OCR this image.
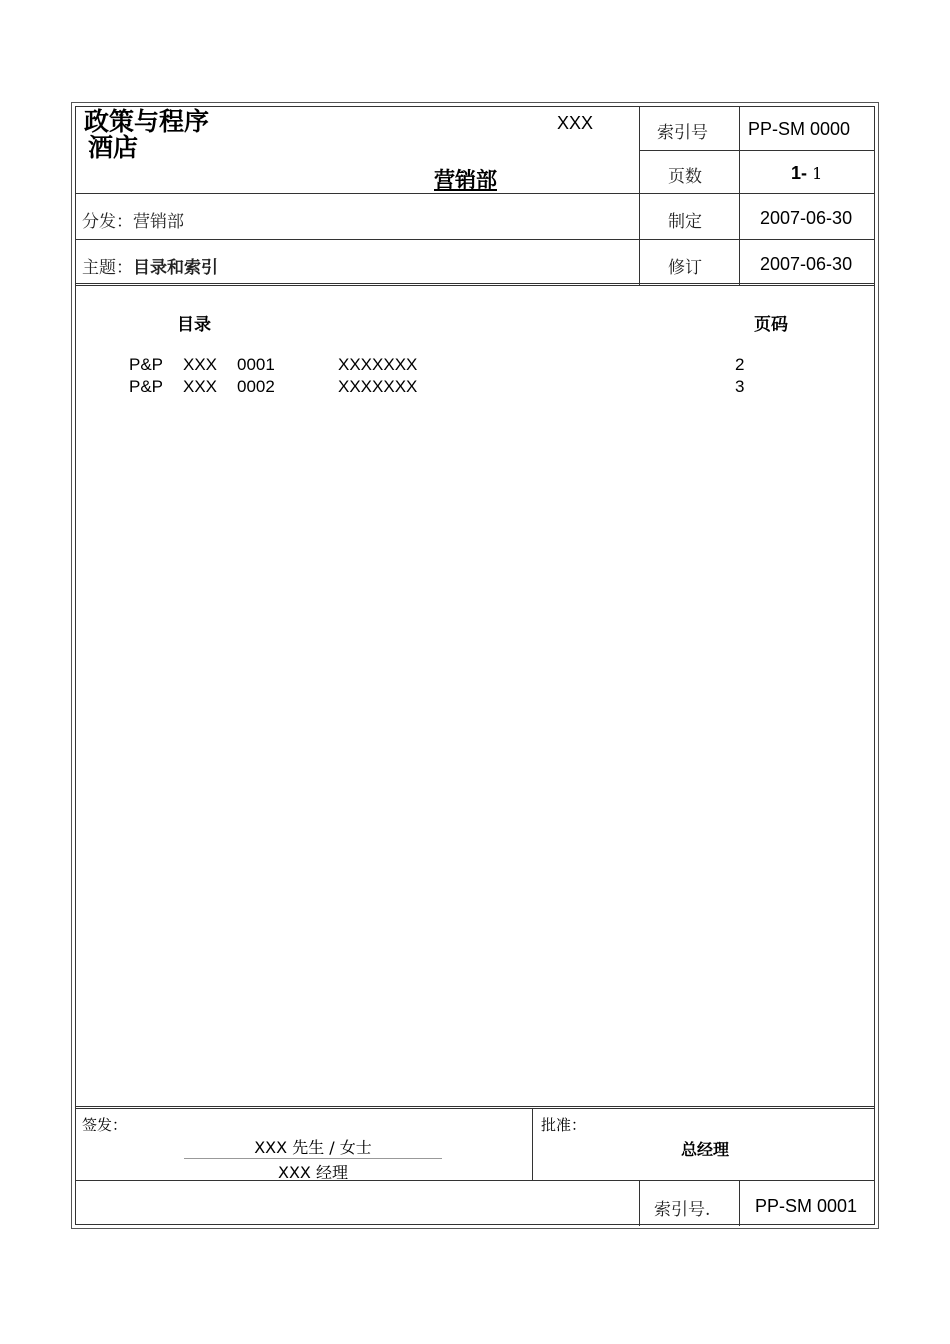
政策与程序
酒店
XXX
营销部
索引号 PP-SM 0000
页数	1- 1
分发：营销部	制定	2007-06-30
主题：目录和索引	修订	2007-06-30
目录	页码
P&P XXX 0001	XXXXXXX	2
P&P XXX 0002	XXXXXXX	3
签发：
XXX 先生 / 女士
XXX 经理
批准：
总经理
索引号. PP-SM 0001
